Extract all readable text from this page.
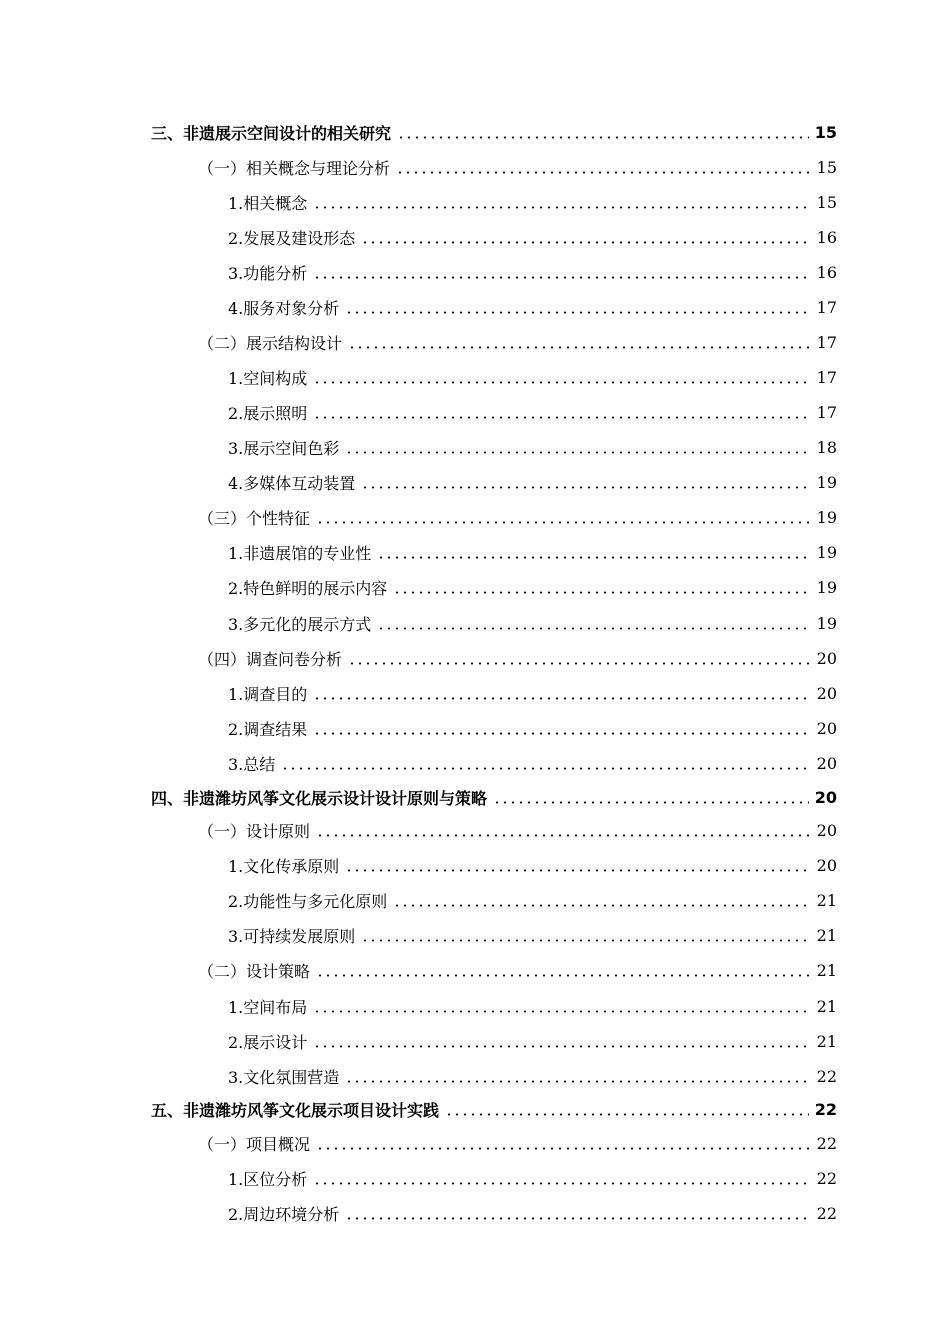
三、非遗展示空间设计的相关研究	15
（一）相关概念与理论分析	15
1.相关概念	15
2.发展及建设形态	16
3.功能分析	16
4.服务对象分析	17
（二）展示结构设计	17
1.空间构成	17
2.展示照明	17
3.展示空间色彩	18
4.多媒体互动装置	19
（三）个性特征	19
1.非遗展馆的专业性	19
2.特色鲜明的展示内容	19
3.多元化的展示方式	19
（四）调查问卷分析	20
1.调查目的	20
2.调查结果	20
3.总结	20
四、非遗潍坊风筝文化展示设计设计原则与策略	20
（一）设计原则	20
1.文化传承原则	20
2.功能性与多元化原则	21
3.可持续发展原则	21
（二）设计策略	21
1.空间布局	21
2.展示设计	21
3.文化氛围营造	22
五、非遗潍坊风筝文化展示项目设计实践	22
（一）项目概况	22
1.区位分析	22
2.周边环境分析	22
